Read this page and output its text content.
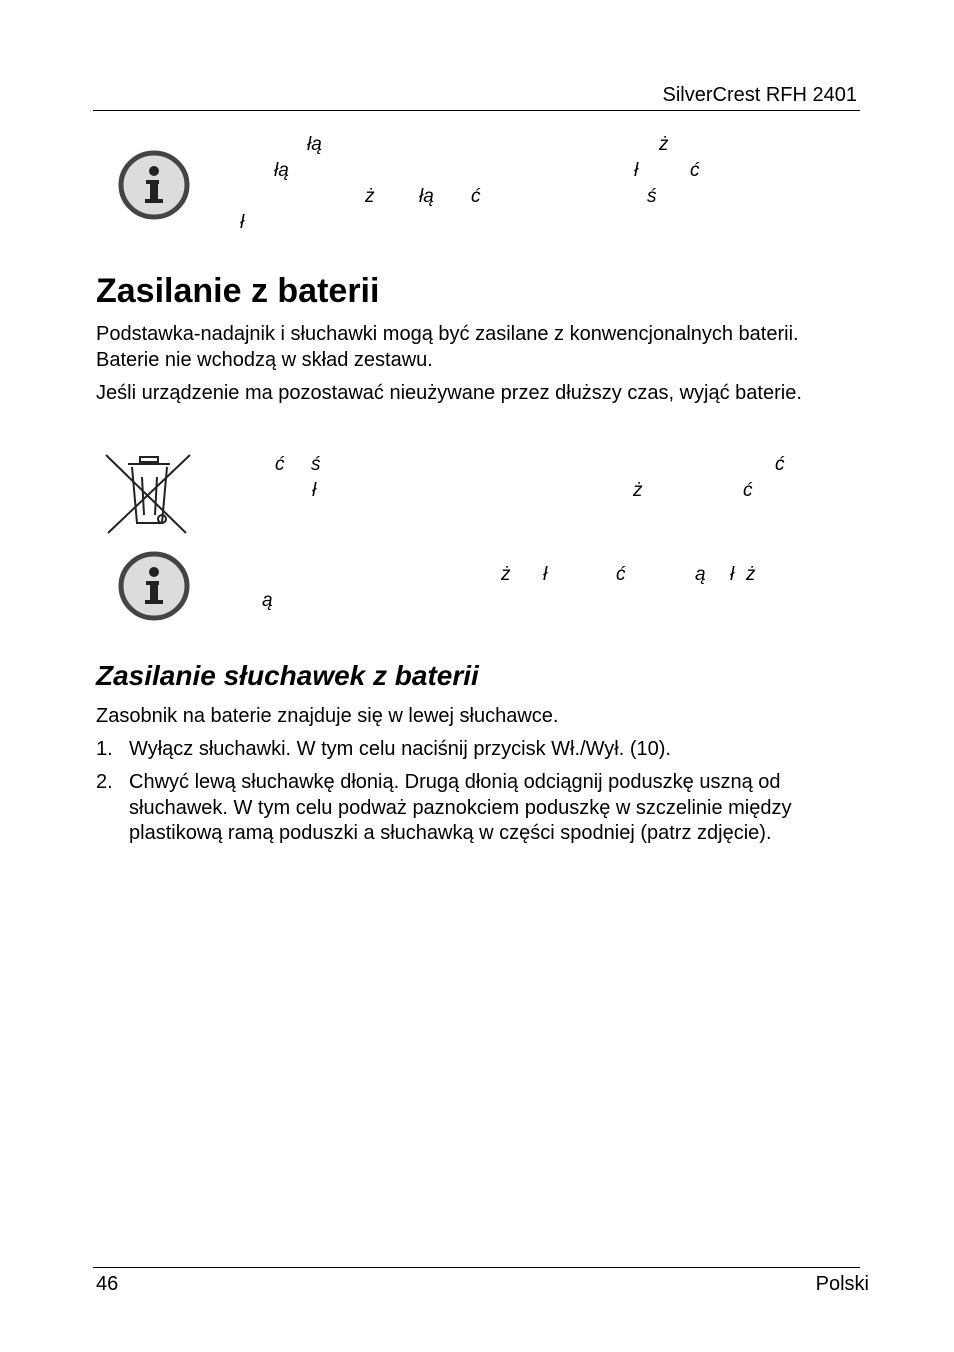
SilverCrest RFH 2401
łą	ż
łą	ł	ć
ż łą ć	ś
ł
Zasilanie z baterii

Podstawka-nadajnik i słuchawki mogą być zasilane z konwencjonalnych baterii. Baterie nie wchodzą w skład zestawu.

Jeśli urządzenie ma pozostawać nieużywane przez dłuższy czas, wyjąć baterie.

ć ś	ć
ł	ż	ć
ż ł	ć	ą ł ż
ą
Zasilanie słuchawek z baterii

Zasobnik na baterie znajduje się w lewej słuchawce.

1. Wyłącz słuchawki. W tym celu naciśnij przycisk Wł./Wył. (10).
2. Chwyć lewą słuchawkę dłonią. Drugą dłonią odciągnij poduszkę uszną od słuchawek. W tym celu podważ paznokciem poduszkę w szczelinie między plastikową ramą poduszki a słuchawką w części spodniej (patrz zdjęcie).
46	Polski
